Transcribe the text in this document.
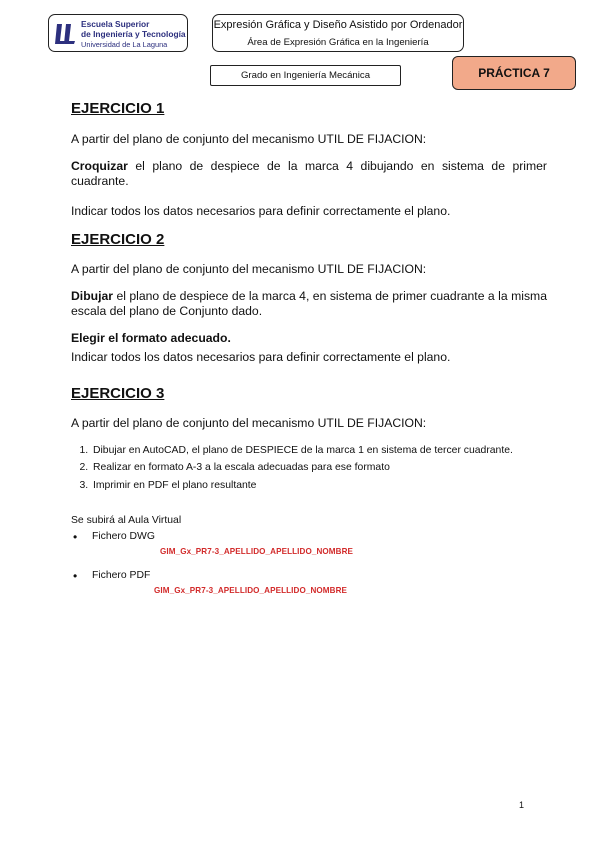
Escuela Superior
de Ingeniería y Tecnología
Universidad de La Laguna
Expresión Gráfica y Diseño Asistido por Ordenador
Área de Expresión Gráfica en la Ingeniería
Grado en Ingeniería Mecánica	PRÁCTICA 7
EJERCICIO 1

A partir del plano de conjunto del mecanismo UTIL DE FIJACION:

Croquizar el plano de despiece de la marca 4 dibujando en sistema de primer cuadrante.

Indicar todos los datos necesarios para definir correctamente el plano.

EJERCICIO 2

A partir del plano de conjunto del mecanismo UTIL DE FIJACION:

Dibujar el plano de despiece de la marca 4, en sistema de primer cuadrante a la misma escala del plano de Conjunto dado.

Elegir el formato adecuado.

Indicar todos los datos necesarios para definir correctamente el plano.

EJERCICIO 3

A partir del plano de conjunto del mecanismo UTIL DE FIJACION:

1. Dibujar en AutoCAD, el plano de DESPIECE de la marca 1 en sistema de tercer cuadrante.
2. Realizar en formato A-3 a la escala adecuadas para ese formato
3. Imprimir en PDF el plano resultante
Se subirá al Aula Virtual
• Fichero DWG
GIM_Gx_PR7-3_APELLIDO_APELLIDO_NOMBRE
• Fichero PDF
GIM_Gx_PR7-3_APELLIDO_APELLIDO_NOMBRE
1
